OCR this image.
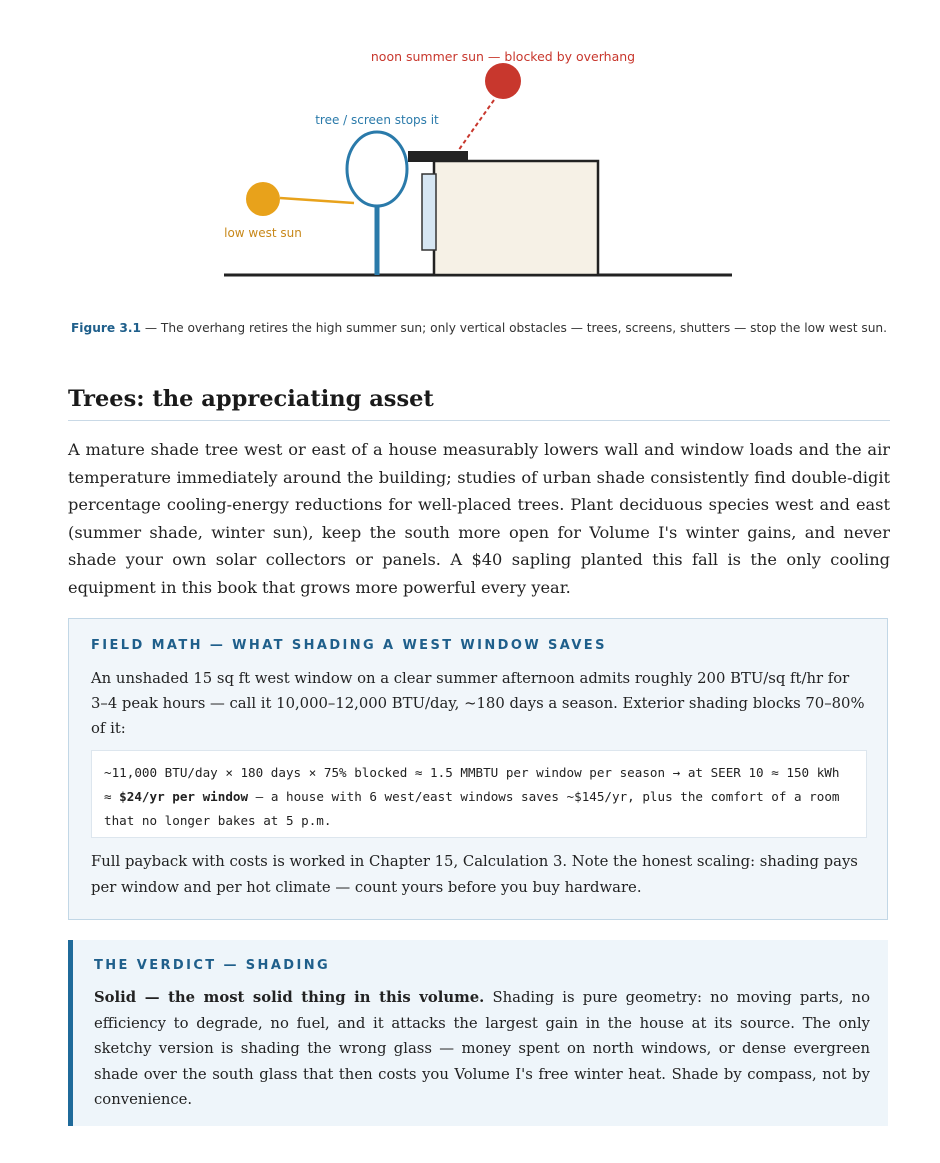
noon summer sun — blocked by overhang
tree / screen stops it
low west sun
Figure 3.1 — The overhang retires the high summer sun; only vertical obstacles — trees, screens, shutters — stop the low west sun.
Trees: the appreciating asset

A mature shade tree west or east of a house measurably lowers wall and window loads and the air temperature immediately around the building; studies of urban shade consistently find double-digit percentage cooling-energy reductions for well-placed trees. Plant deciduous species west and east (summer shade, winter sun), keep the south more open for Volume I's winter gains, and never shade your own solar collectors or panels. A $40 sapling planted this fall is the only cooling equipment in this book that grows more powerful every year.

FIELD MATH — WHAT SHADING A WEST WINDOW SAVES

An unshaded 15 sq ft west window on a clear summer afternoon admits roughly 200 BTU/sq ft/hr for 3–4 peak hours — call it 10,000–12,000 BTU/day, ~180 days a season. Exterior shading blocks 70–80% of it:

~11,000 BTU/day × 180 days × 75% blocked ≈ 1.5 MMBTU per window per season → at SEER 10 ≈ 150 kWh ≈ $24/yr per window — a house with 6 west/east windows saves ~$145/yr, plus the comfort of a room that no longer bakes at 5 p.m.

Full payback with costs is worked in Chapter 15, Calculation 3. Note the honest scaling: shading pays per window and per hot climate — count yours before you buy hardware.

THE VERDICT — SHADING

Solid — the most solid thing in this volume. Shading is pure geometry: no moving parts, no efficiency to degrade, no fuel, and it attacks the largest gain in the house at its source. The only sketchy version is shading the wrong glass — money spent on north windows, or dense evergreen shade over the south glass that then costs you Volume I's free winter heat. Shade by compass, not by convenience.
